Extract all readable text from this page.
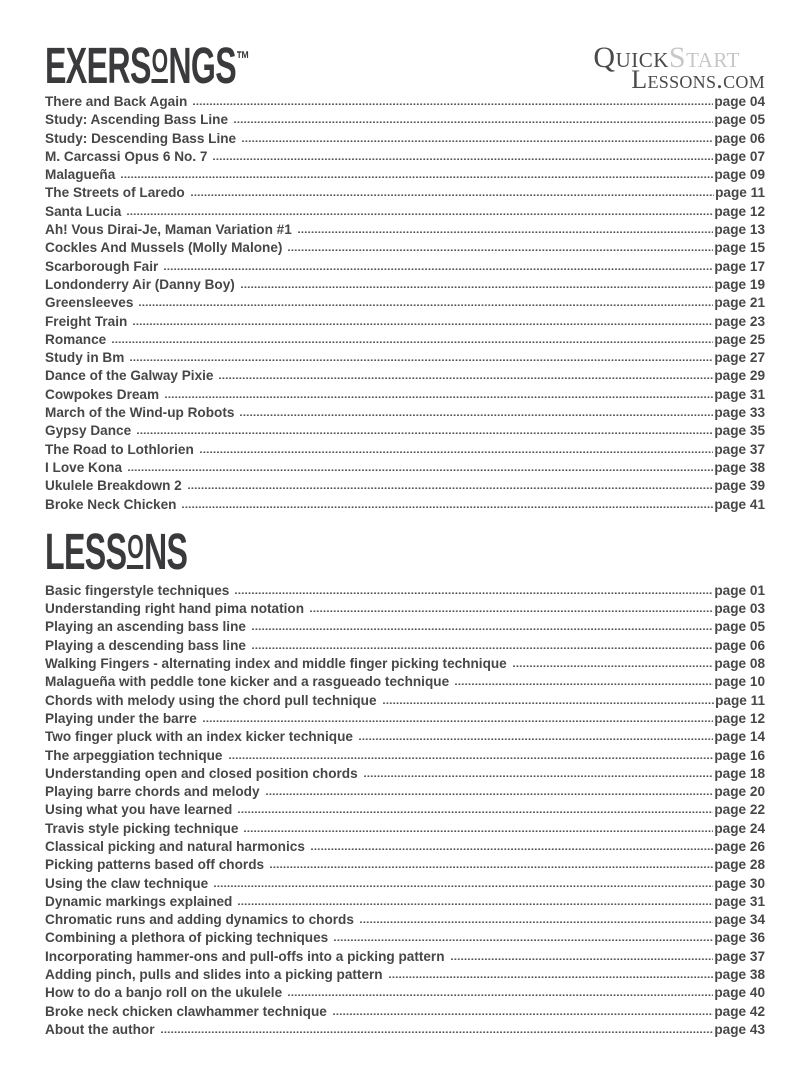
EXERSONGS™	QuickStart
Lessons.com
There and Back Again	page 04
Study: Ascending Bass Line	page 05
Study: Descending Bass Line	page 06
M. Carcassi Opus 6 No. 7	page 07
Malagueña	page 09
The Streets of Laredo	page 11
Santa Lucia	page 12
Ah! Vous Dirai-Je, Maman Variation #1	page 13
Cockles And Mussels (Molly Malone)	page 15
Scarborough Fair	page 17
Londonderry Air (Danny Boy)	page 19
Greensleeves	page 21
Freight Train	page 23
Romance	page 25
Study in Bm	page 27
Dance of the Galway Pixie	page 29
Cowpokes Dream	page 31
March of the Wind-up Robots	page 33
Gypsy Dance	page 35
The Road to Lothlorien	page 37
I Love Kona	page 38
Ukulele Breakdown 2	page 39
Broke Neck Chicken	page 41
LESSONS
Basic fingerstyle techniques	page 01
Understanding right hand pima notation	page 03
Playing an ascending bass line	page 05
Playing a descending bass line	page 06
Walking Fingers - alternating index and middle finger picking technique	page 08
Malagueña with peddle tone kicker and a rasgueado technique	page 10
Chords with melody using the chord pull technique	page 11
Playing under the barre	page 12
Two finger pluck with an index kicker technique	page 14
The arpeggiation technique	page 16
Understanding open and closed position chords	page 18
Playing barre chords and melody	page 20
Using what you have learned	page 22
Travis style picking technique	page 24
Classical picking and natural harmonics	page 26
Picking patterns based off chords	page 28
Using the claw technique	page 30
Dynamic markings explained	page 31
Chromatic runs and adding dynamics to chords	page 34
Combining a plethora of picking techniques	page 36
Incorporating hammer-ons and pull-offs into a picking pattern	page 37
Adding pinch, pulls and slides into a picking pattern	page 38
How to do a banjo roll on the ukulele	page 40
Broke neck chicken clawhammer technique	page 42
About the author	page 43
